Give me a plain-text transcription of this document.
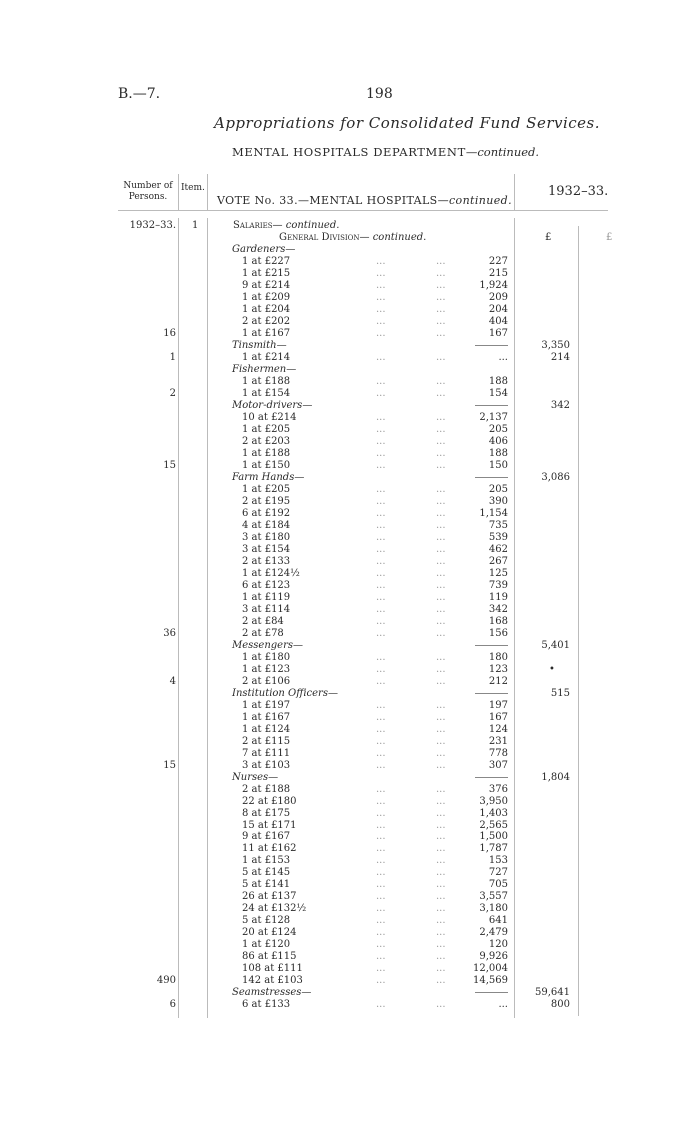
B.—7.	198
Appropriations for Consolidated Fund Services.
MENTAL HOSPITALS DEPARTMENT—continued.
Number of Persons.
Item.
VOTE No. 33.—MENTAL HOSPITALS—continued.
1932–33.
£	£
1932–33. 1	Salaries— continued.
General Division— continued.
Gardeners—
1 at £227	...	...	227
1 at £215	...	...	215
9 at £214	...	...	1,924
1 at £209	...	...	209
1 at £204	...	...	204
2 at £202	...	...	404
16	1 at £167	...	...	167
Tinsmith—	3,350
1	1 at £214	...	...	...	214
Fishermen—
1 at £188	...	...	188
2	1 at £154	...	...	154
Motor-drivers—	342
10 at £214	...	...	2,137
1 at £205	...	...	205
2 at £203	...	...	406
1 at £188	...	...	188
15	1 at £150	...	...	150
Farm Hands—	3,086
1 at £205	...	...	205
2 at £195	...	...	390
6 at £192	...	...	1,154
4 at £184	...	...	735
3 at £180	...	...	539
3 at £154	...	...	462
2 at £133	...	...	267
1 at £124½	...	...	125
6 at £123	...	...	739
1 at £119	...	...	119
3 at £114	...	...	342
2 at £84	...	...	168
36	2 at £78	...	...	156
Messengers—	5,401
1 at £180	...	...	180
1 at £123	...	...	123	•
4	2 at £106	...	...	212
Institution Officers—	515
1 at £197	...	...	197
1 at £167	...	...	167
1 at £124	...	...	124
2 at £115	...	...	231
7 at £111	...	...	778
15	3 at £103	...	...	307
Nurses—	1,804
2 at £188	...	...	376
22 at £180	...	...	3,950
8 at £175	...	...	1,403
15 at £171	...	...	2,565
9 at £167	...	...	1,500
11 at £162	...	...	1,787
1 at £153	...	...	153
5 at £145	...	...	727
5 at £141	...	...	705
26 at £137	...	...	3,557
24 at £132½	...	...	3,180
5 at £128	...	...	641
20 at £124	...	...	2,479
1 at £120	...	...	120
86 at £115	...	...	9,926
108 at £111	...	...	12,004
490	142 at £103	...	...	14,569
Seamstresses—	59,641
6	6 at £133	...	...	...	800
